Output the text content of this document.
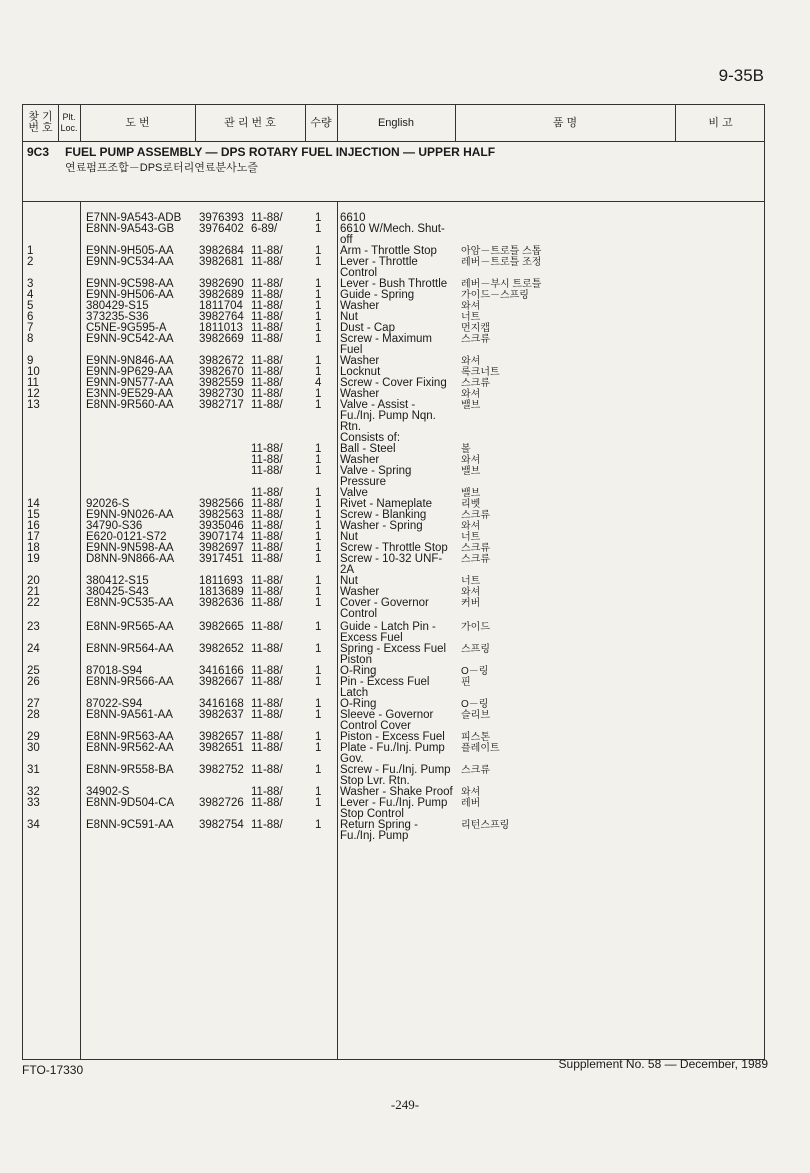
9-35B
찾 기 번 호
Plt. Loc.	도 번	관 리 번 호	수량	English	품 명	비 고
9C3 FUEL PUMP ASSEMBLY — DPS ROTARY FUEL INJECTION — UPPER HALF
연료펌프조합－DPS로터리연료분사노즐
E7NN-9A543-ADB 3976393 11-88/	1 6610
E8NN-9A543-GB 3976402 6-89/	1 6610 W/Mech. Shut-
off
1	E9NN-9H505-AA 3982684 11-88/	1 Arm - Throttle Stop 아암－트로틀 스톱
2	E9NN-9C534-AA 3982681 11-88/	1 Lever - Throttle	레버－트로틀 조정
Control
3	E9NN-9C598-AA 3982690 11-88/	1 Lever - Bush Throttle 레버－부시 트로틀
4	E9NN-9H506-AA 3982689 11-88/	1 Guide - Spring	가이드－스프링
5	380429-S15	1811704 11-88/	1 Washer	와셔
6	373235-S36	3982764 11-88/	1 Nut	너트
7	C5NE-9G595-A	1811013 11-88/	1 Dust - Cap	먼지캡
8	E9NN-9C542-AA 3982669 11-88/	1 Screw - Maximum	스크류
Fuel
9	E9NN-9N846-AA 3982672 11-88/	1 Washer	와셔
10	E9NN-9P629-AA 3982670 11-88/	1 Locknut	록크너트
11	E9NN-9N577-AA 3982559 11-88/	4 Screw - Cover Fixing 스크류
12	E3NN-9E529-AA 3982730 11-88/	1 Washer	와셔
13	E8NN-9R560-AA 3982717 11-88/	1 Valve - Assist -	밸브
Fu./Inj. Pump Nqn.
Rtn.
Consists of:
11-88/	1 Ball - Steel	볼
11-88/	1 Washer	와셔
11-88/	1 Valve - Spring	밸브
Pressure
11-88/	1 Valve	밸브
14	92026-S	3982566 11-88/	1 Rivet - Nameplate	리벳
15	E9NN-9N026-AA 3982563 11-88/	1 Screw - Blanking	스크류
16	34790-S36	3935046 11-88/	1 Washer - Spring	와셔
17	E620-0121-S72	3907174 11-88/	1 Nut	너트
18	E9NN-9N598-AA 3982697 11-88/	1 Screw - Throttle Stop 스크류
19	D8NN-9N866-AA 3917451 11-88/	1 Screw - 10-32 UNF- 스크류
2A
20	380412-S15	1811693 11-88/	1 Nut	너트
21	380425-S43	1813689 11-88/	1 Washer	와셔
22	E8NN-9C535-AA 3982636 11-88/	1 Cover - Governor	커버
Control
23	E8NN-9R565-AA 3982665 11-88/	1 Guide - Latch Pin -	가이드
Excess Fuel
24	E8NN-9R564-AA 3982652 11-88/	1 Spring - Excess Fuel 스프링
Piston
25	87018-S94	3416166 11-88/	1 O-Ring	O－링
26	E8NN-9R566-AA 3982667 11-88/	1 Pin - Excess Fuel	핀
Latch
27	87022-S94	3416168 11-88/	1 O-Ring	O－링
28	E8NN-9A561-AA 3982637 11-88/	1 Sleeve - Governor	슬리브
Control Cover
29	E8NN-9R563-AA 3982657 11-88/	1 Piston - Excess Fuel 피스톤
30	E8NN-9R562-AA 3982651 11-88/	1 Plate - Fu./Inj. Pump 플레이트
Gov.
31	E8NN-9R558-BA 3982752 11-88/	1 Screw - Fu./Inj. Pump 스크류
Stop Lvr. Rtn.
32	34902-S	11-88/	1 Washer - Shake Proof 와셔
33	E8NN-9D504-CA 3982726 11-88/	1 Lever - Fu./Inj. Pump 레버
Stop Control
34	E8NN-9C591-AA 3982754 11-88/	1 Return Spring -	리턴스프링
Fu./Inj. Pump
FTO-17330	Supplement No. 58 — December, 1989
-249-
